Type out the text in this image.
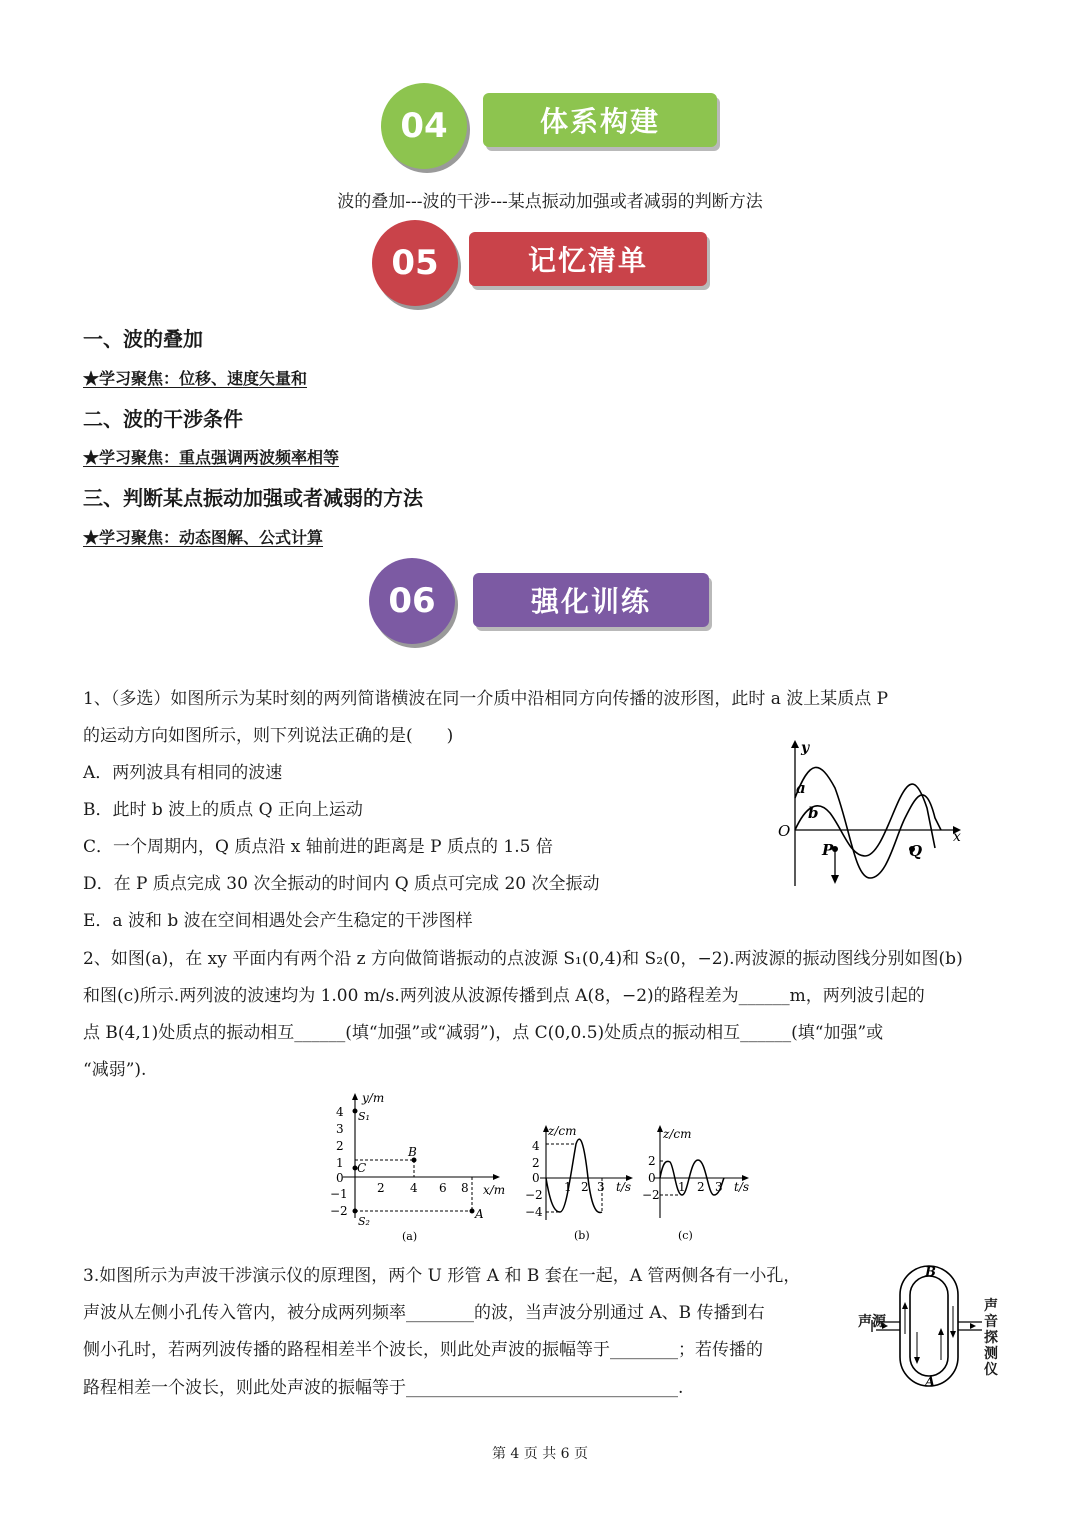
04	体系构建
波的叠加---波的干涉---某点振动加强或者减弱的判断方法
05	记忆清单
一、波的叠加
★学习聚焦：位移、速度矢量和
二、波的干涉条件
★学习聚焦：重点强调两波频率相等
三、判断某点振动加强或者减弱的方法
★学习聚焦：动态图解、公式计算
06	强化训练
1、（多选）如图所示为某时刻的两列简谐横波在同一介质中沿相同方向传播的波形图，此时 a 波上某质点 P
的运动方向如图所示，则下列说法正确的是(　　)
A．两列波具有相同的波速
B．此时 b 波上的质点 Q 正向上运动
C．一个周期内，Q 质点沿 x 轴前进的距离是 P 质点的 1.5 倍
D．在 P 质点完成 30 次全振动的时间内 Q 质点可完成 20 次全振动
E．a 波和 b 波在空间相遇处会产生稳定的干涉图样
O
y
x
a
b
P	Q
2、如图(a)，在 xy 平面内有两个沿 z 方向做简谐振动的点波源 S₁(0,4)和 S₂(0，−2).两波源的振动图线分别如图(b)
和图(c)所示.两列波的波速均为 1.00 m/s.两列波从波源传播到点 A(8，−2)的路程差为______m，两列波引起的
点 B(4,1)处质点的振动相互______(填“加强”或“减弱”)，点 C(0,0.5)处质点的振动相互______(填“加强”或
“减弱”).
y/m
x/m
4
3
2
1
0
−1
−2
2 4 6 8
S₁
S₂
B
C
A
(a)
z/cm
t/s
4
2
0
−2
−4
1 2 3
(b)
z/cm
t/s
2
0
−2
1 2 3
(c)
3.如图所示为声波干涉演示仪的原理图，两个 U 形管 A 和 B 套在一起，A 管两侧各有一小孔，
声波从左侧小孔传入管内，被分成两列频率________的波，当声波分别通过 A、B 传播到右
侧小孔时，若两列波传播的路程相差半个波长，则此处声波的振幅等于________；若传播的
路程相差一个波长，则此处声波的振幅等于________________________________.
B
A
声源
声音探测仪
第 4 页 共 6 页
